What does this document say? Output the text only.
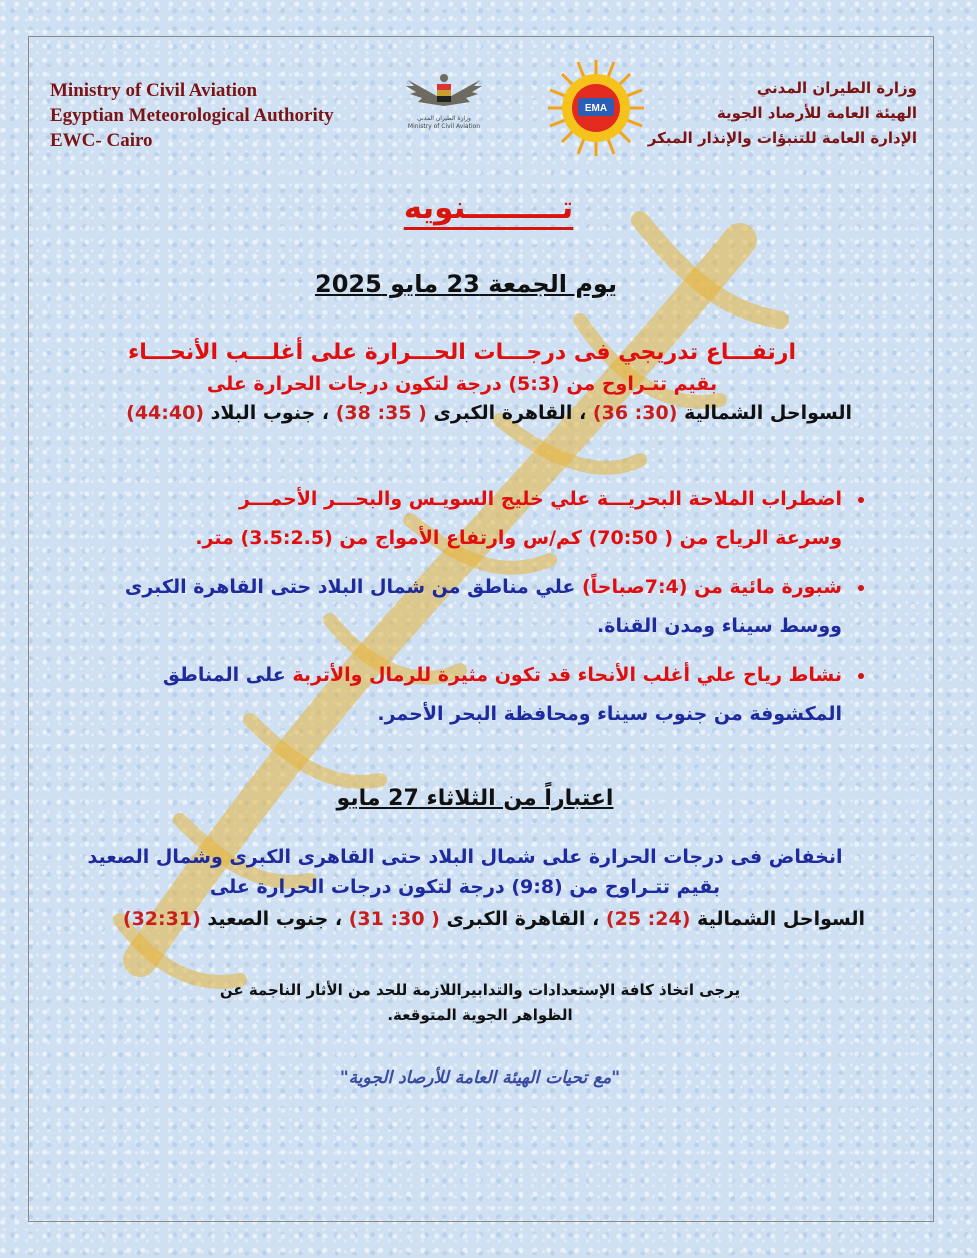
Ministry of Civil Aviation
Egyptian Meteorological Authority
EWC- Cairo
وزارة الطيران المدني
Ministry of Civil Aviation
EMA
وزارة الطيران المدني
الهيئة العامة للأرصاد الجوية
الإدارة العامة للتنبؤات والإنذار المبكر
تـــــــــنويه
يوم الجمعة 23 مايو 2025
ارتفـــاع تدريجي فى درجـــات الحـــرارة على أغلـــب الأنحـــاء
بقيم تتـراوح من (5:3) درجة لتكون درجات الحرارة على
السواحل الشمالية (30: 36) ، القاهرة الكبرى ( 35: 38) ، جنوب البلاد (44:40)
اضطراب الملاحة البحريـــة علي خليج السويـس والبحـــر الأحمـــر
وسرعة الرياح من ( 70:50) كم/س وارتفاع الأمواج من (3.5:2.5) متر.
شبورة مائية من (7:4صباحاً) علي مناطق من شمال البلاد حتى القاهرة الكبرى
ووسط سيناء ومدن القناة.
نشاط رياح علي أغلب الأنحاء قد تكون مثيرة للرمال والأتربة على المناطق
المكشوفة من جنوب سيناء ومحافظة البحر الأحمر.
اعتباراً من الثلاثاء 27 مايو
انخفاض فى درجات الحرارة على شمال البلاد حتى القاهرى الكبرى وشمال الصعيد
بقيم تتـراوح من (9:8) درجة لتكون درجات الحرارة على
السواحل الشمالية (24: 25) ، القاهرة الكبرى ( 30: 31) ، جنوب الصعيد (32:31)
يرجى اتخاذ كافة الإستعدادات والتدابيراللازمة للحد من الأثار الناجمة عن
الظواهر الجوية المتوقعة.
"مع تحيات الهيئة العامة للأرصاد الجوية"
